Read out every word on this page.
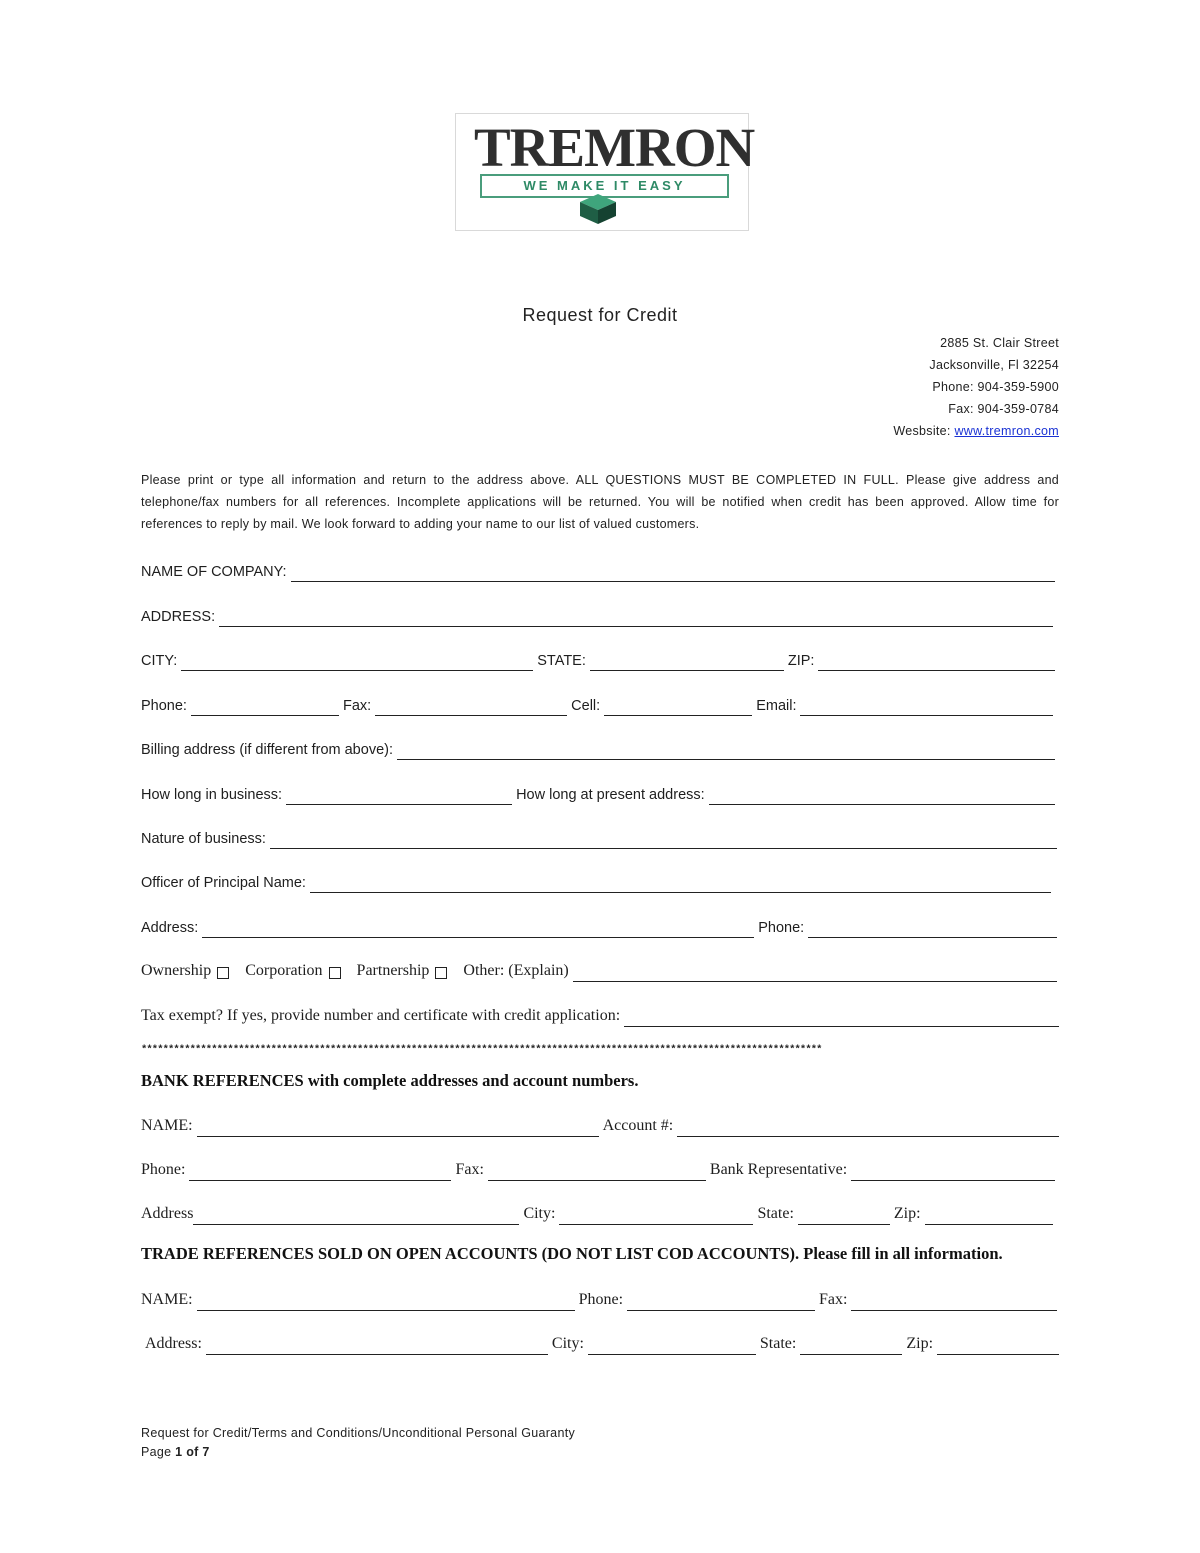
TREMRON
WE MAKE IT EASY
Request for Credit
2885 St. Clair Street
Jacksonville, Fl 32254
Phone: 904-359-5900
Fax: 904-359-0784
Wesbsite: www.tremron.com
Please print or type all information and return to the address above. ALL QUESTIONS MUST BE COMPLETED IN FULL. Please give address and telephone/fax numbers for all references. Incomplete applications will be returned. You will be notified when credit has been approved. Allow time for references to reply by mail. We look forward to adding your name to our list of valued customers.
NAME OF COMPANY:
ADDRESS:
CITY:	STATE:	ZIP:
Phone:	Fax:	Cell:	Email:
Billing address (if different from above):
How long in business:	How long at present address:
Nature of business:
Officer of Principal Name:
Address:	Phone:
Ownership Corporation Partnership Other: (Explain)
Tax exempt? If yes, provide number and certificate with credit application:
******************************************************************************************************************************
BANK REFERENCES with complete addresses and account numbers.
NAME:	Account #:
Phone:	Fax:	Bank Representative:
Address	City:	State:	Zip:
TRADE REFERENCES SOLD ON OPEN ACCOUNTS (DO NOT LIST COD ACCOUNTS). Please fill in all information.
NAME:	Phone:	Fax:
Address:	City:	State:	Zip:
Request for Credit/Terms and Conditions/Unconditional Personal Guaranty
Page 1 of 7
